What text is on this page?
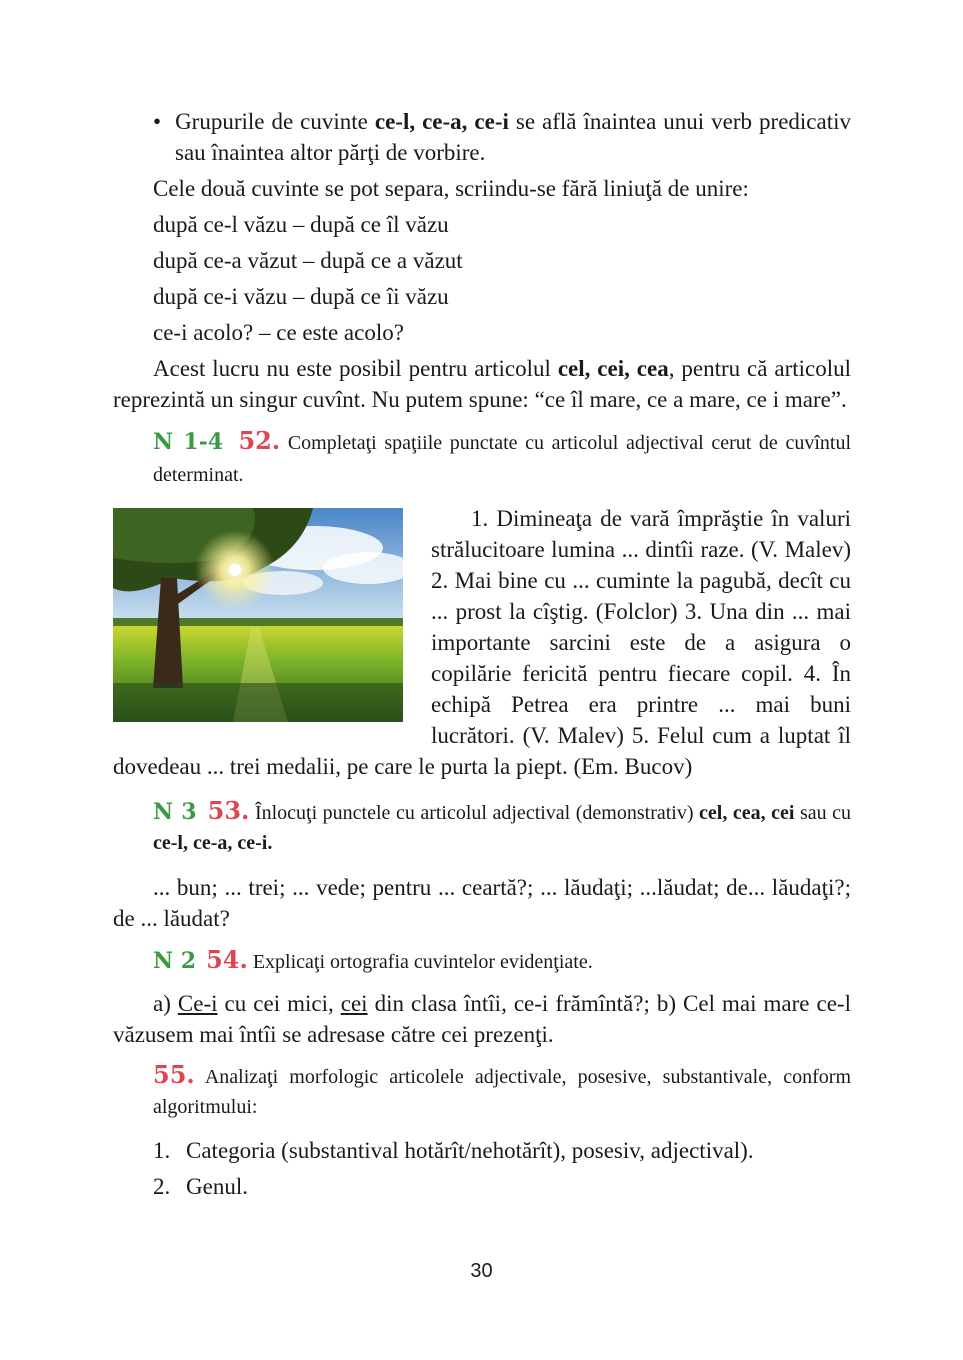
• Grupurile de cuvinte ce-l, ce-a, ce-i se află înaintea unui verb predicativ sau înaintea altor părţi de vorbire.

Cele două cuvinte se pot separa, scriindu-se fără liniuţă de unire:

după ce-l văzu – după ce îl văzu

după ce-a văzut – după ce a văzut

după ce-i văzu – după ce îi văzu

ce-i acolo? – ce este acolo?

Acest lucru nu este posibil pentru articolul cel, cei, cea, pentru că articolul reprezintă un singur cuvînt. Nu putem spune: “ce îl mare, ce a mare, ce i mare”.

N 1-4 52. Completaţi spaţiile punctate cu articolul adjectival cerut de cuvîntul determinat.

1. Dimineaţa de vară împrăştie în valuri strălucitoare lumina ... dintîi raze. (V. Malev) 2. Mai bine cu ... cuminte la pagubă, decît cu ... prost la cîştig. (Folclor) 3. Una din ... mai importante sarcini este de a asigura o copilărie fericită pentru fiecare copil. 4. În echipă Petrea era printre ... mai buni lucrători. (V. Malev) 5. Felul cum a luptat îl dovedeau ... trei medalii, pe care le purta la piept. (Em. Bucov)

N 3 53. Înlocuţi punctele cu articolul adjectival (demonstrativ) cel, cea, cei sau cu ce-l, ce-a, ce-i.

... bun; ... trei; ... vede; pentru ... ceartă?; ... lăudaţi; ...lăudat; de... lăudaţi?; de ... lăudat?

N 2 54. Explicaţi ortografia cuvintelor evidenţiate.

a) Ce-i cu cei mici, cei din clasa întîi, ce-i frămîntă?; b) Cel mai mare ce-l văzusem mai întîi se adresase către cei prezenţi.

55. Analizaţi morfologic articolele adjectivale, posesive, substantivale, conform algoritmului:

1. Categoria (substantival hotărît/nehotărît), posesiv, adjectival).

2. Genul.

30
